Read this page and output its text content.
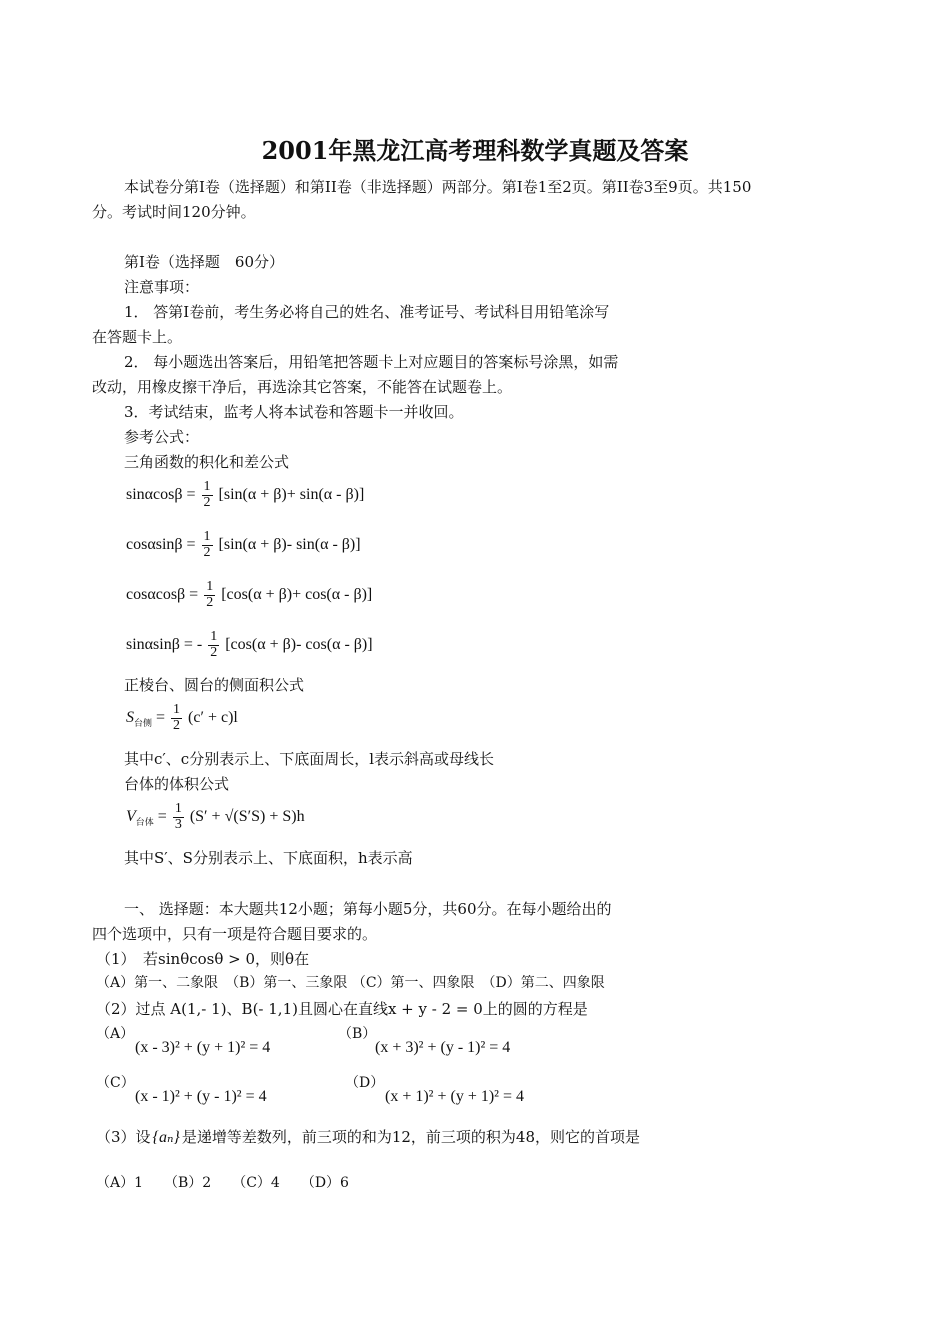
2001年黑龙江高考理科数学真题及答案
本试卷分第I卷（选择题）和第II卷（非选择题）两部分。第I卷1至2页。第II卷3至9页。共150
分。考试时间120分钟。
第I卷（选择题　60分）
注意事项：
1． 答第I卷前，考生务必将自己的姓名、准考证号、考试科目用铅笔涂写
在答题卡上。
2． 每小题选出答案后，用铅笔把答题卡上对应题目的答案标号涂黑，如需
改动，用橡皮擦干净后，再选涂其它答案，不能答在试题卷上。
3．考试结束，监考人将本试卷和答题卡一并收回。
参考公式：
三角函数的积化和差公式
$\sin\alpha\cos\beta = \frac{1}{2} [\sin(\alpha + \beta)+ \sin(\alpha - \beta)]$
$\cos\alpha\sin\beta = \frac{1}{2} [\sin(\alpha + \beta)-$ sin(α - β)]
$\cos\alpha\cos\beta = \frac{1}{2} [\cos(\alpha + \beta)+ \cos(\alpha - \beta)]$
sinαsinβ = - $\frac{1}{2} [\cos(\alpha + \beta)-$ cos(α - β)]
正棱台、圆台的侧面积公式
$S_{台侧} = \frac{1}{2} (c' + c)l$
其中c′、c分别表示上、下底面周长，l表示斜高或母线长
台体的体积公式
$V_{台体} = \frac{1}{3} (S' + √(S'S) + S)h$
其中S′、S分别表示上、下底面积，h表示高
一、 选择题：本大题共12小题；第每小题5分，共60分。在每小题给出的
四个选项中，只有一项是符合题目要求的。
（1）　若sinθcosθ > 0，则θ在
（A）第一、二象限　（B）第一、三象限 （C）第一、四象限　（D）第二、四象限
（2）过点 A(1,- 1)、B(- 1,1)且圆心在直线x + y - 2 = 0上的圆的方程是
（A）
(x - 3)² + (y + 1)² = 4
（B）
(x + 3)² + (y - 1)² = 4
（C）
(x - 1)² + (y - 1)² = 4
（D）
(x + 1)² + (y + 1)² = 4
（3）设 {aₙ} 是递增等差数列，前三项的和为12，前三项的积为48，则它的首项是
（A）1　　（B）2　　（C）4　　（D）6
